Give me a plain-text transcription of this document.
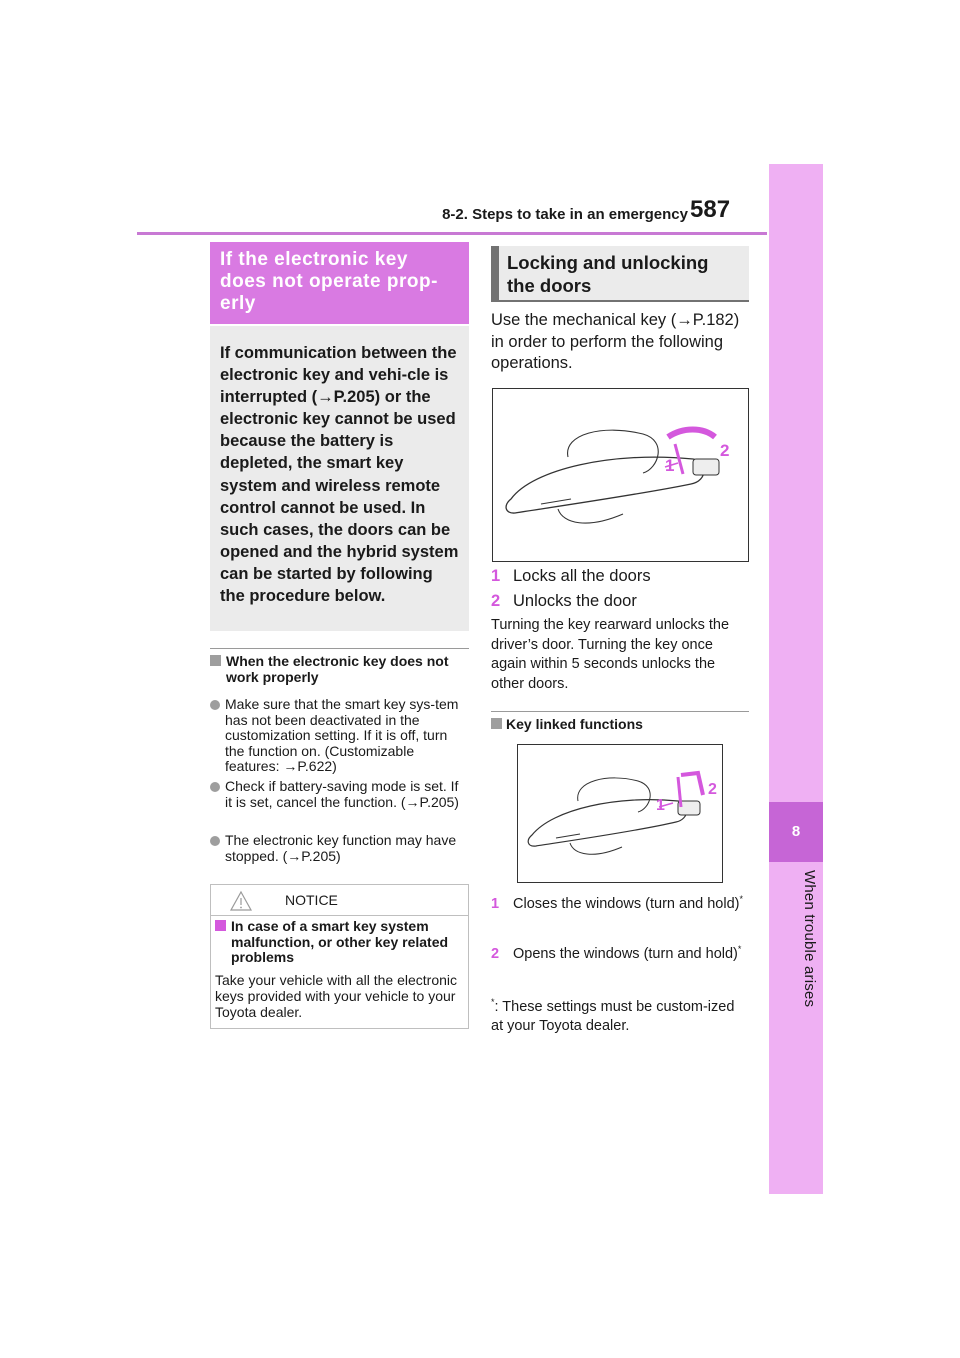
8-2. Steps to take in an emergency 587
8
When trouble arises
If the electronic key does not operate prop-erly
If communication between the electronic key and vehi-cle is interrupted (→P.205) or the electronic key cannot be used because the battery is depleted, the smart key system and wireless remote control cannot be used. In such cases, the doors can be opened and the hybrid system can be started by following the procedure below.
When the electronic key does not work properly
Make sure that the smart key sys-tem has not been deactivated in the customization setting. If it is off, turn the function on. (Customizable features: →P.622)
Check if battery-saving mode is set. If it is set, cancel the function. (→P.205)
The electronic key function may have stopped. (→P.205)
NOTICE
In case of a smart key system malfunction, or other key related problems
Take your vehicle with all the electronic keys provided with your vehicle to your Toyota dealer.
Locking and unlocking the doors
Use the mechanical key (→P.182) in order to perform the following operations.
1
2
1 Locks all the doors
2 Unlocks the door
Turning the key rearward unlocks the driver’s door. Turning the key once again within 5 seconds unlocks the other doors.
Key linked functions
1
2
1 Closes the windows (turn and hold)*
2 Opens the windows (turn and hold)*
*: These settings must be custom-ized at your Toyota dealer.
